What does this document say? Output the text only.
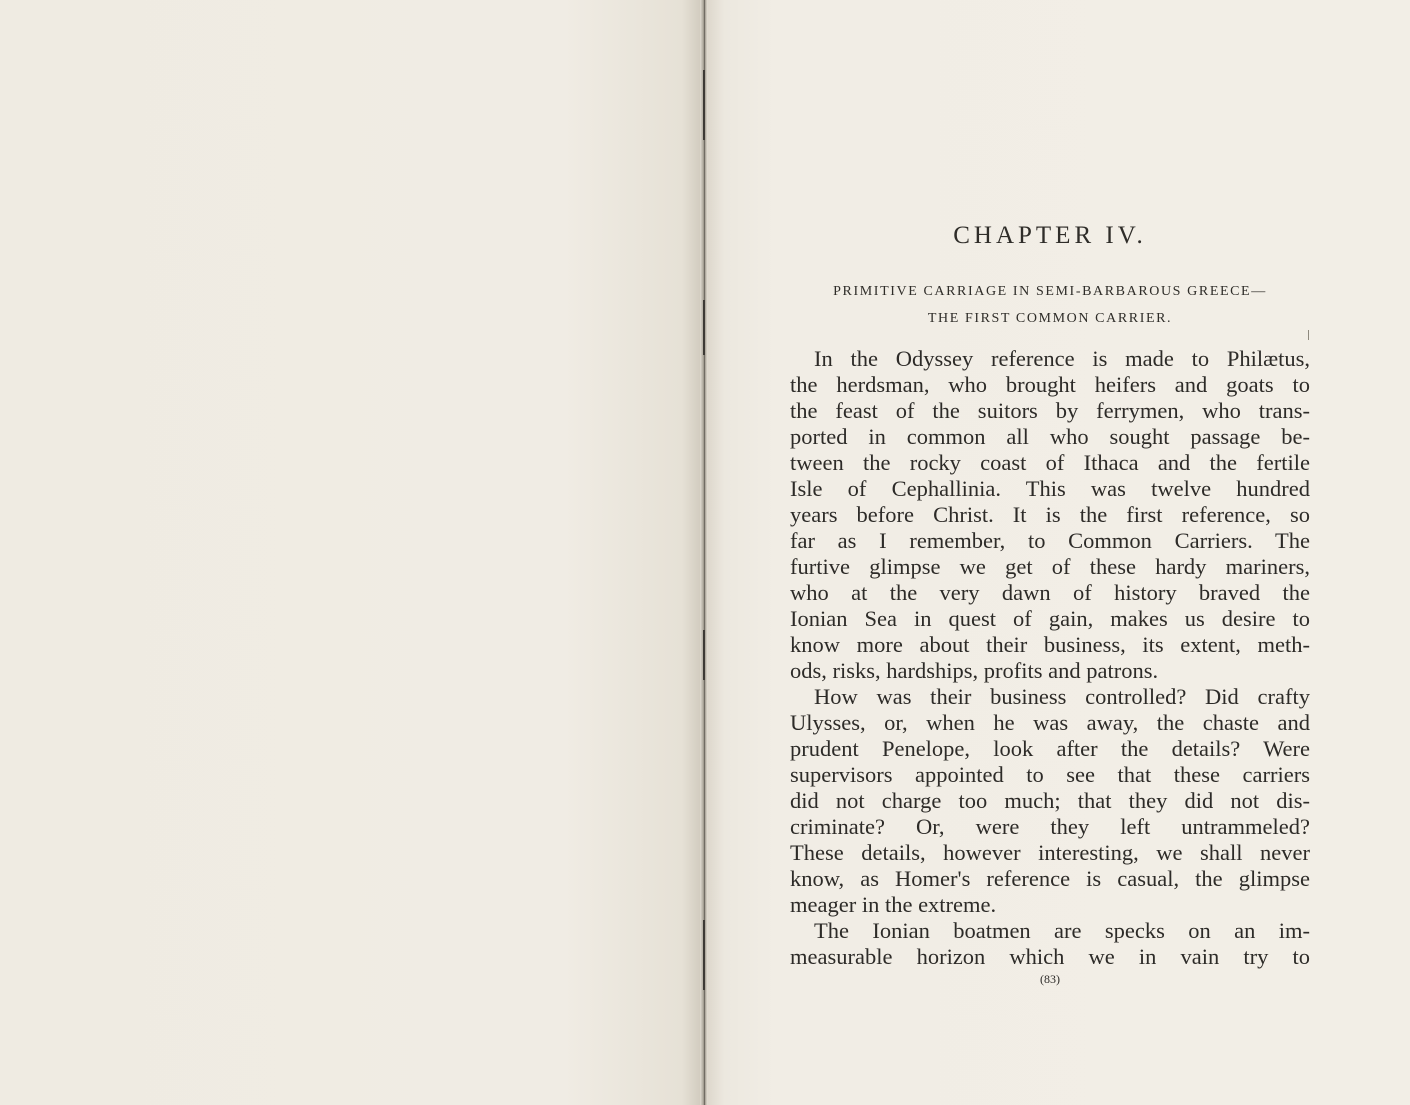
CHAPTER IV.
PRIMITIVE CARRIAGE IN SEMI-BARBAROUS GREECE—
THE FIRST COMMON CARRIER.
In the Odyssey reference is made to Philætus,
the herdsman, who brought heifers and goats to
the feast of the suitors by ferrymen, who trans-
ported in common all who sought passage be-
tween the rocky coast of Ithaca and the fertile
Isle of Cephallinia. This was twelve hundred
years before Christ. It is the first reference, so
far as I remember, to Common Carriers. The
furtive glimpse we get of these hardy mariners,
who at the very dawn of history braved the
Ionian Sea in quest of gain, makes us desire to
know more about their business, its extent, meth-
ods, risks, hardships, profits and patrons.
How was their business controlled? Did crafty
Ulysses, or, when he was away, the chaste and
prudent Penelope, look after the details? Were
supervisors appointed to see that these carriers
did not charge too much; that they did not dis-
criminate? Or, were they left untrammeled?
These details, however interesting, we shall never
know, as Homer's reference is casual, the glimpse
meager in the extreme.
The Ionian boatmen are specks on an im-
measurable horizon which we in vain try to
(83)
